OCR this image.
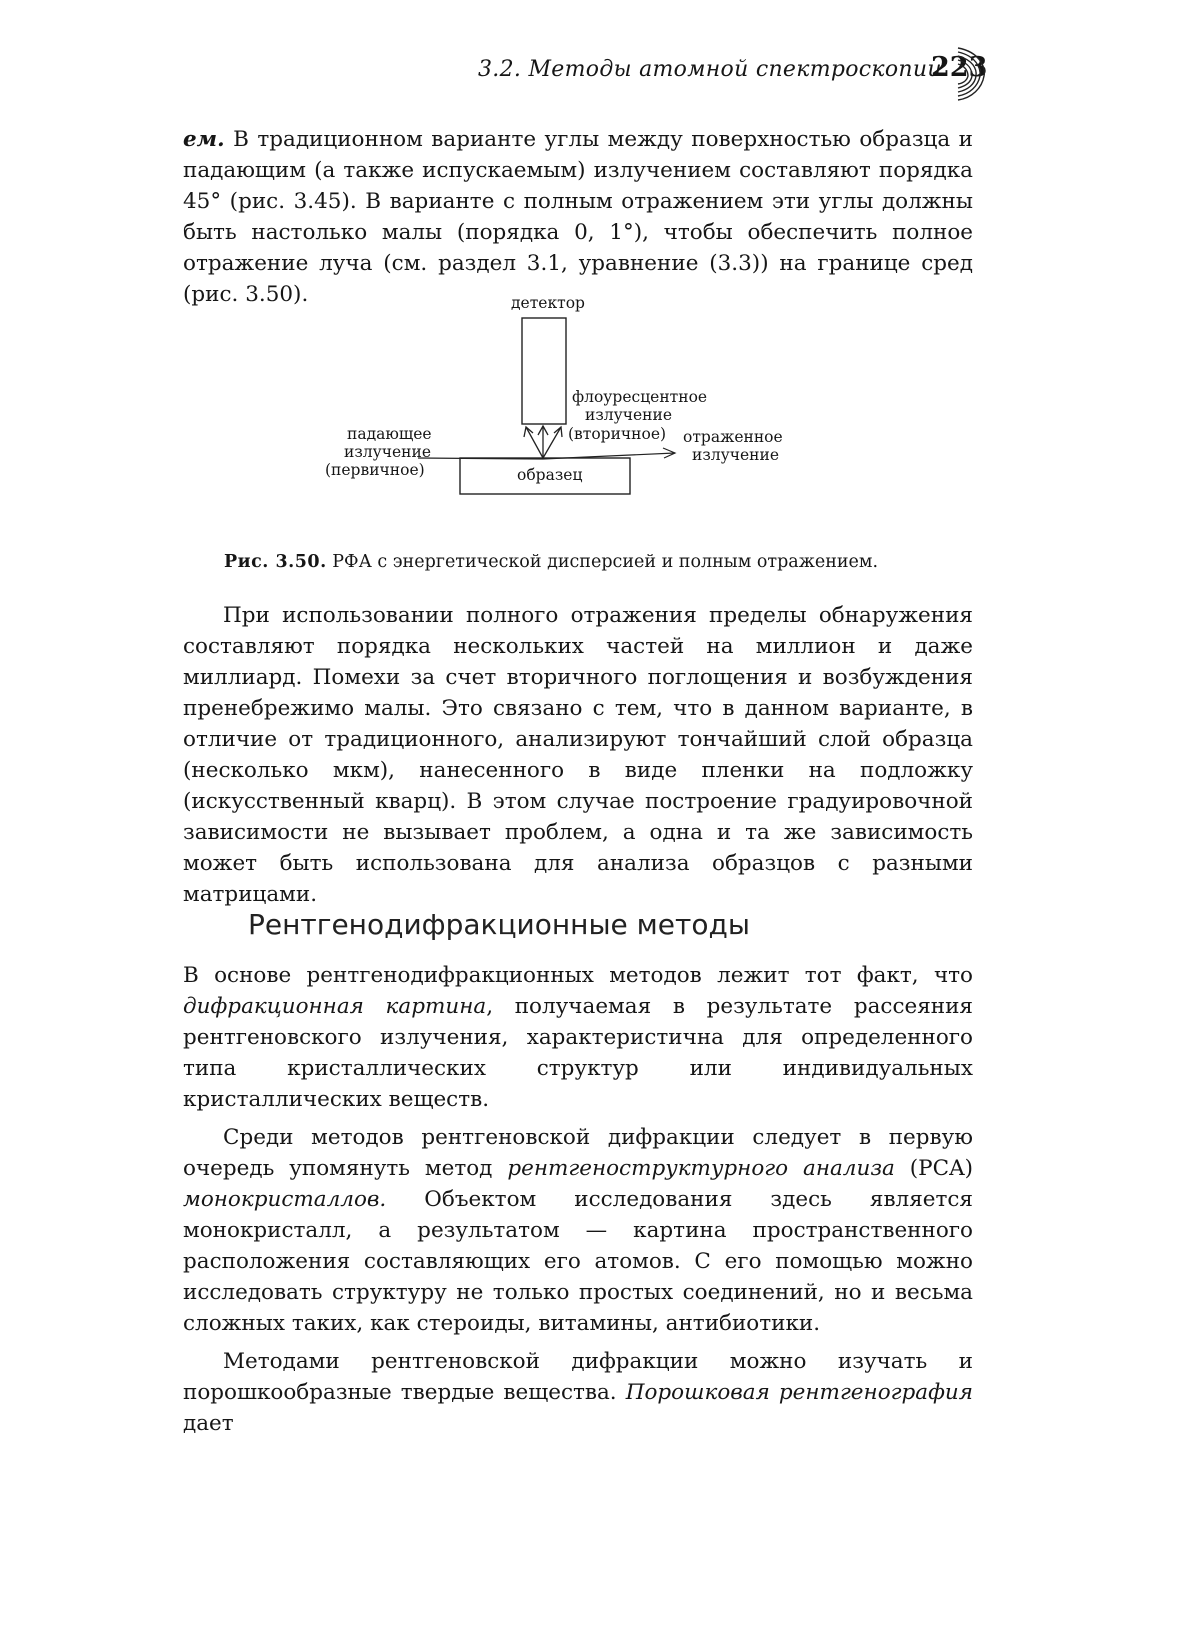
3.2. Методы атомной спектроскопии
223

ем. В традиционном варианте углы между поверхностью образца и падающим (а также испускаемым) излучением составляют порядка 45° (рис. 3.45). В варианте с полным отражением эти углы должны быть настолько малы (порядка 0, 1°), чтобы обеспечить полное отражение луча (см. раздел 3.1, уравнение (3.3)) на границе сред (рис. 3.50).	детектор
флоуресцентное
излучение
(вторичное)
падающее
излучение
(первичное)
отраженное
излучение
образец
Рис. 3.50. РФА с энергетической дисперсией и полным отражением.

При использовании полного отражения пределы обнаружения составляют порядка нескольких частей на миллион и даже миллиард. Помехи за счет вторичного поглощения и возбуждения пренебрежимо малы. Это связано с тем, что в данном варианте, в отличие от традиционного, анализируют тончайший слой образца (несколько мкм), нанесенного в виде пленки на подложку (искусственный кварц). В этом случае построение градуировочной зависимости не вызывает проблем, а одна и та же зависимость может быть использована для анализа образцов с разными матрицами.

Рентгенодифракционные методы

В основе рентгенодифракционных методов лежит тот факт, что дифракционная картина, получаемая в результате рассеяния рентгеновского излучения, характеристична для определенного типа кристаллических структур или индивидуальных кристаллических веществ.

Среди методов рентгеновской дифракции следует в первую очередь упомянуть метод рентгеноструктурного анализа (PCA) монокристаллов. Объектом исследования здесь является монокристалл, а результатом — картина пространственного расположения составляющих его атомов. С его помощью можно исследовать структуру не только простых соединений, но и весьма сложных таких, как стероиды, витамины, антибиотики.

Методами рентгеновской дифракции можно изучать и порошкообразные твердые вещества. Порошковая рентгенография дает
